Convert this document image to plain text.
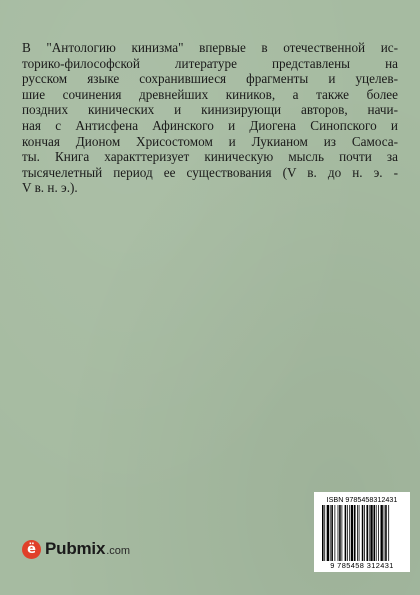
В "Антологию кинизма" впервые в отечественной ис-
торико-философской литературе представлены на
русском языке сохранившиеся фрагменты и уцелев-
шие сочинения древнейших киников, а также более
поздних кинических и кинизирующи авторов, начи-
ная с Антисфена Афинского и Диогена Синопского и
кончая Дионом Хрисостомом и Лукианом из Самоса-
ты. Книга характтеризует киническую мысль почти за
тысячелетный период ее существования (V в. до н. э. -
V в. н. э.).
ё Pubmix .com
ISBN 9785458312431
9 785458 312431
